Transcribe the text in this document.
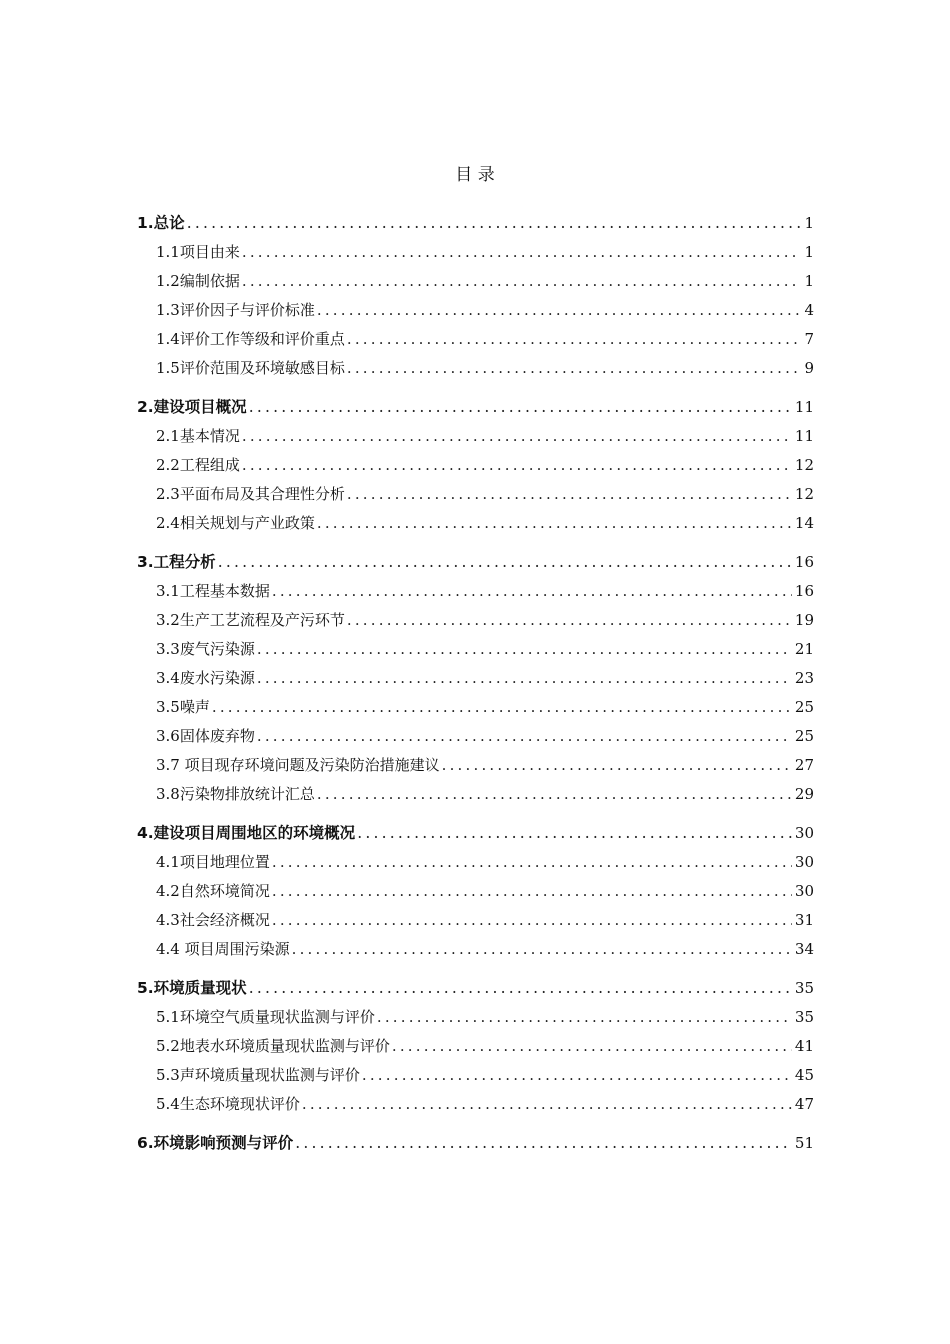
目 录
1.总论 .....	1
1.1项目由来 .....	1
1.2编制依据 .....	1
1.3评价因子与评价标准 .....	4
1.4评价工作等级和评价重点 .....	7
1.5评价范围及环境敏感目标 .....	9
2.建设项目概况 .....	11
2.1基本情况 .....	11
2.2工程组成 .....	12
2.3平面布局及其合理性分析 .....	12
2.4相关规划与产业政策 .....	14
3.工程分析 .....	16
3.1工程基本数据 .....	16
3.2生产工艺流程及产污环节 .....	19
3.3废气污染源 .....	21
3.4废水污染源 .....	23
3.5噪声 .....	25
3.6固体废弃物 .....	25
3.7 项目现存环境问题及污染防治措施建议 .....	27
3.8污染物排放统计汇总 .....	29
4.建设项目周围地区的环境概况 .....	30
4.1项目地理位置 .....	30
4.2自然环境简况 .....	30
4.3社会经济概况 .....	31
4.4 项目周围污染源 .....	34
5.环境质量现状 .....	35
5.1环境空气质量现状监测与评价 .....	35
5.2地表水环境质量现状监测与评价 .....	41
5.3声环境质量现状监测与评价 .....	45
5.4生态环境现状评价 .....	47
6.环境影响预测与评价 .....	51
